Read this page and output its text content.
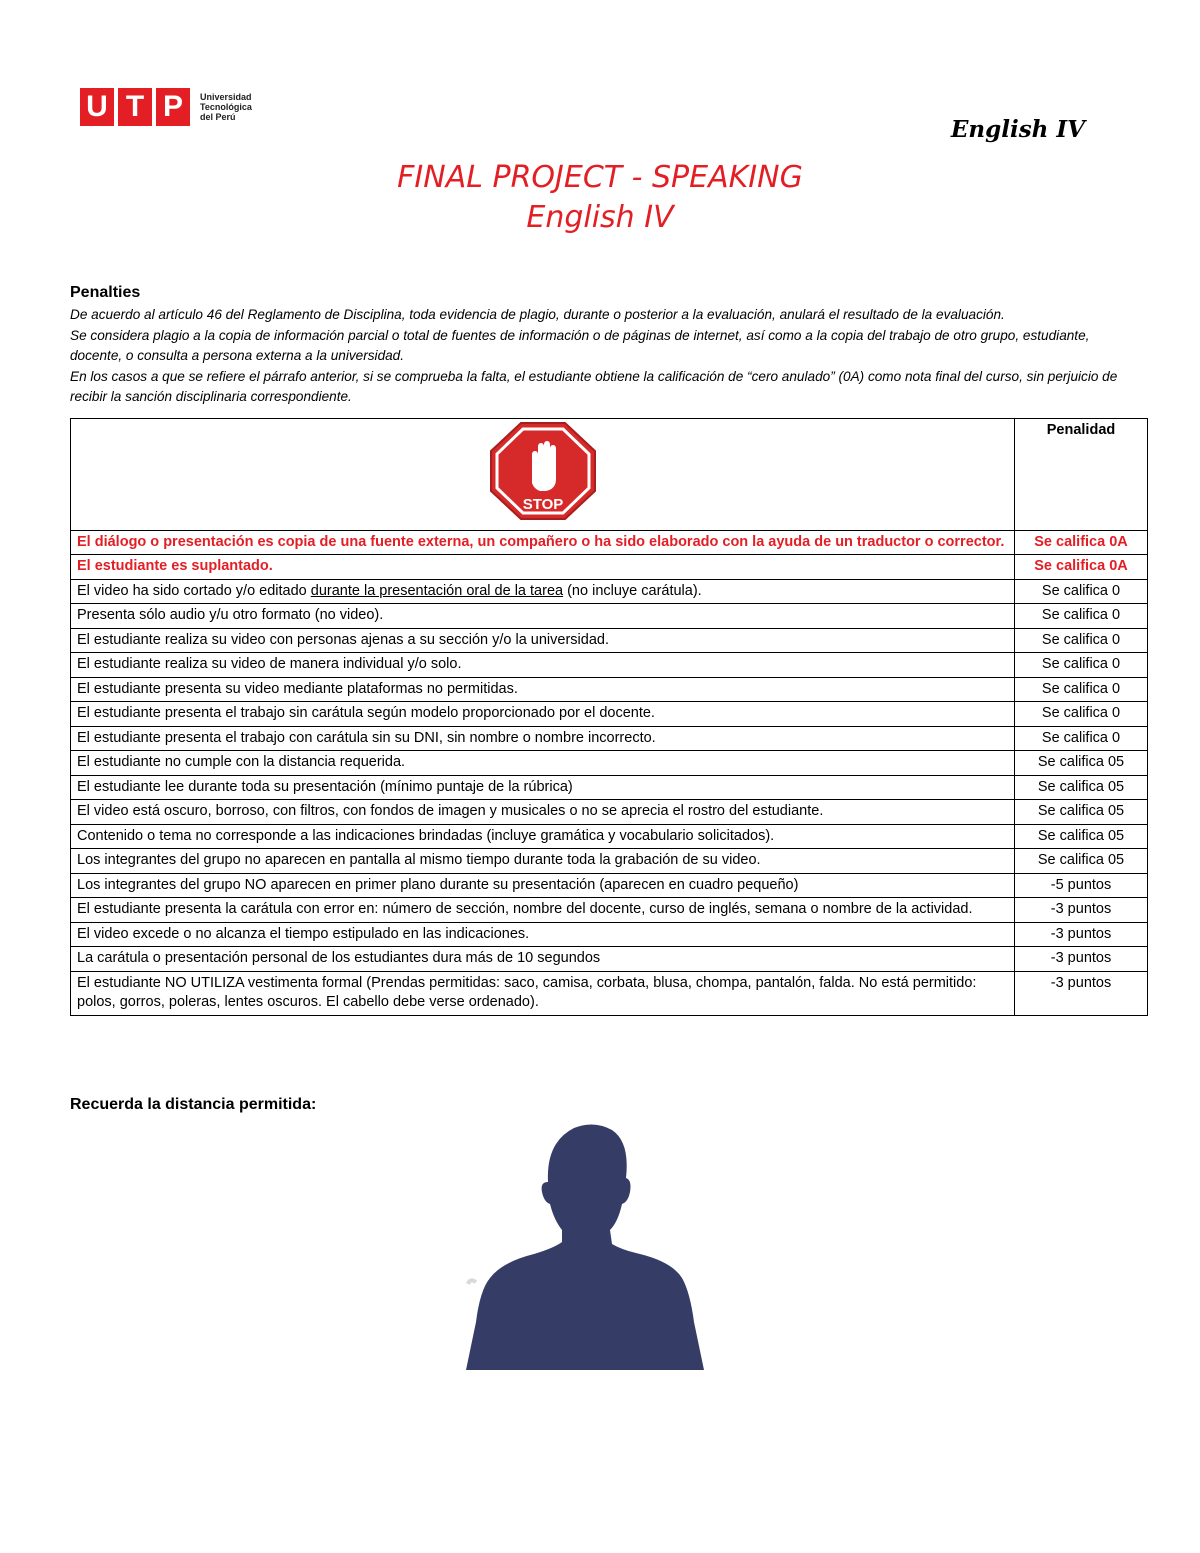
U T P	Universidad
Tecnológica
del Perú	English IV
FINAL PROJECT - SPEAKING
English IV
Penalties
De acuerdo al artículo 46 del Reglamento de Disciplina, toda evidencia de plagio, durante o posterior a la evaluación, anulará el resultado de la evaluación.
Se considera plagio a la copia de información parcial o total de fuentes de información o de páginas de internet, así como a la copia del trabajo de otro grupo, estudiante, docente, o consulta a persona externa a la universidad.
En los casos a que se refiere el párrafo anterior, si se comprueba la falta, el estudiante obtiene la calificación de “cero anulado” (0A) como nota final del curso, sin perjuicio de recibir la sanción disciplinaria correspondiente.
STOP	Penalidad
El diálogo o presentación es copia de una fuente externa, un compañero o ha sido elaborado con la ayuda de un traductor o corrector.	Se califica 0A
El estudiante es suplantado.	Se califica 0A
El video ha sido cortado y/o editado durante la presentación oral de la tarea (no incluye carátula).	Se califica 0
Presenta sólo audio y/u otro formato (no video).	Se califica 0
El estudiante realiza su video con personas ajenas a su sección y/o la universidad.	Se califica 0
El estudiante realiza su video de manera individual y/o solo.	Se califica 0
El estudiante presenta su video mediante plataformas no permitidas.	Se califica 0
El estudiante presenta el trabajo sin carátula según modelo proporcionado por el docente.	Se califica 0
El estudiante presenta el trabajo con carátula sin su DNI, sin nombre o nombre incorrecto.	Se califica 0
El estudiante no cumple con la distancia requerida.	Se califica 05
El estudiante lee durante toda su presentación (mínimo puntaje de la rúbrica)	Se califica 05
El video está oscuro, borroso, con filtros, con fondos de imagen y musicales o no se aprecia el rostro del estudiante.	Se califica 05
Contenido o tema no corresponde a las indicaciones brindadas (incluye gramática y vocabulario solicitados).	Se califica 05
Los integrantes del grupo no aparecen en pantalla al mismo tiempo durante toda la grabación de su video.	Se califica 05
Los integrantes del grupo NO aparecen en primer plano durante su presentación (aparecen en cuadro pequeño)	-5 puntos
El estudiante presenta la carátula con error en: número de sección, nombre del docente, curso de inglés, semana o nombre de la actividad.	-3 puntos
El video excede o no alcanza el tiempo estipulado en las indicaciones.	-3 puntos
La carátula o presentación personal de los estudiantes dura más de 10 segundos	-3 puntos
El estudiante NO UTILIZA vestimenta formal (Prendas permitidas: saco, camisa, corbata, blusa, chompa, pantalón, falda. No está permitido: polos, gorros, poleras, lentes oscuros. El cabello debe verse ordenado).	-3 puntos
Recuerda la distancia permitida:
